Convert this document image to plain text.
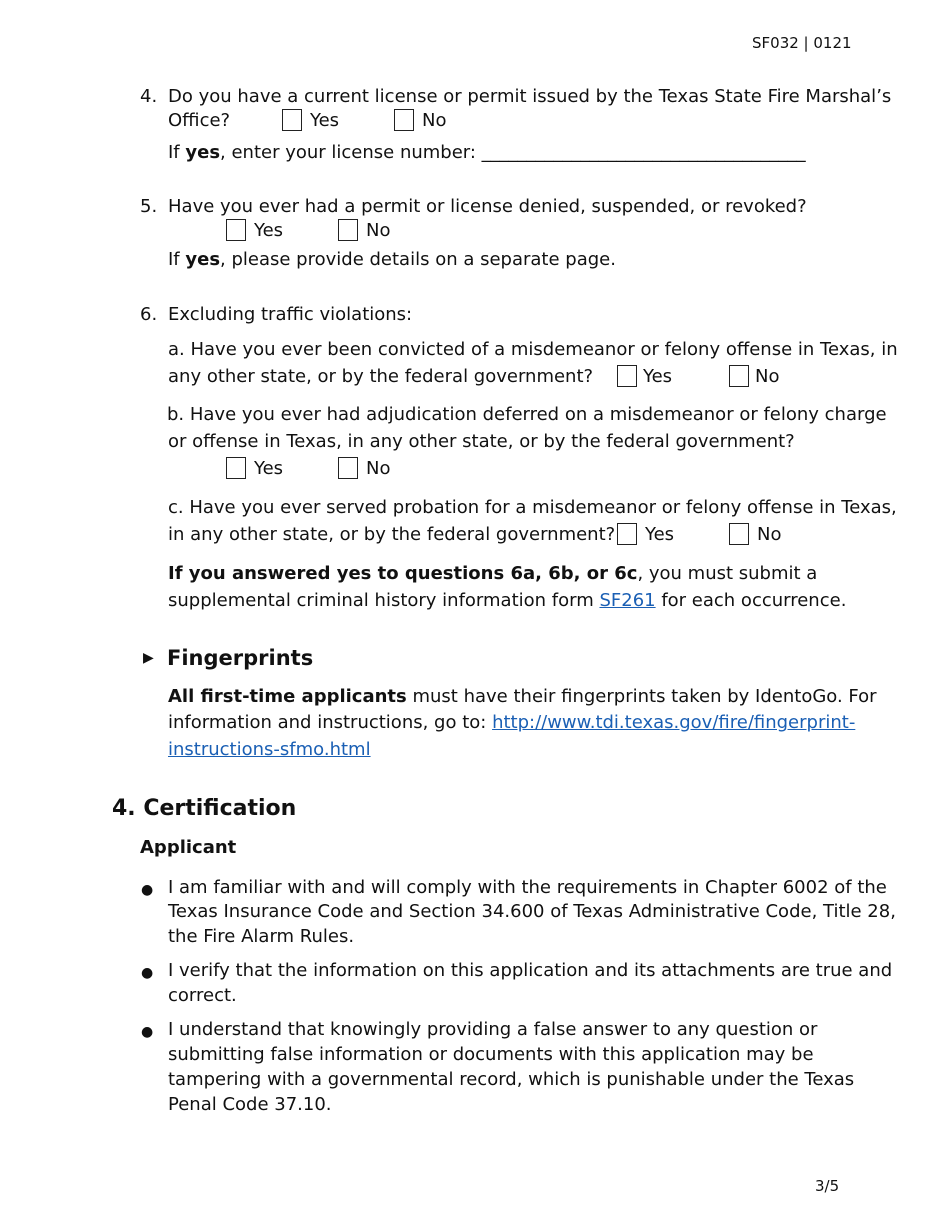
SF032 | 0121
4. Do you have a current license or permit issued by the Texas State Fire Marshal’s
Office?	Yes	No
If yes, enter your license number: ____________________________________
5. Have you ever had a permit or license denied, suspended, or revoked?
Yes	No
If yes, please provide details on a separate page.
6. Excluding traffic violations:
a. Have you ever been convicted of a misdemeanor or felony offense in Texas, in
any other state, or by the federal government?	Yes	No
b. Have you ever had adjudication deferred on a misdemeanor or felony charge
or offense in Texas, in any other state, or by the federal government?
Yes	No
c. Have you ever served probation for a misdemeanor or felony offense in Texas,
in any other state, or by the federal government? Yes	No
If you answered yes to questions 6a, 6b, or 6c, you must submit a
supplemental criminal history information form SF261 for each occurrence.
▶ Fingerprints
All first-time applicants must have their fingerprints taken by IdentoGo. For
information and instructions, go to: http://www.tdi.texas.gov/fire/fingerprint-
instructions-sfmo.html
4. Certification
Applicant
● I am familiar with and will comply with the requirements in Chapter 6002 of the
Texas Insurance Code and Section 34.600 of Texas Administrative Code, Title 28,
the Fire Alarm Rules.
● I verify that the information on this application and its attachments are true and
correct.
● I understand that knowingly providing a false answer to any question or
submitting false information or documents with this application may be
tampering with a governmental record, which is punishable under the Texas
Penal Code 37.10.
3/5
